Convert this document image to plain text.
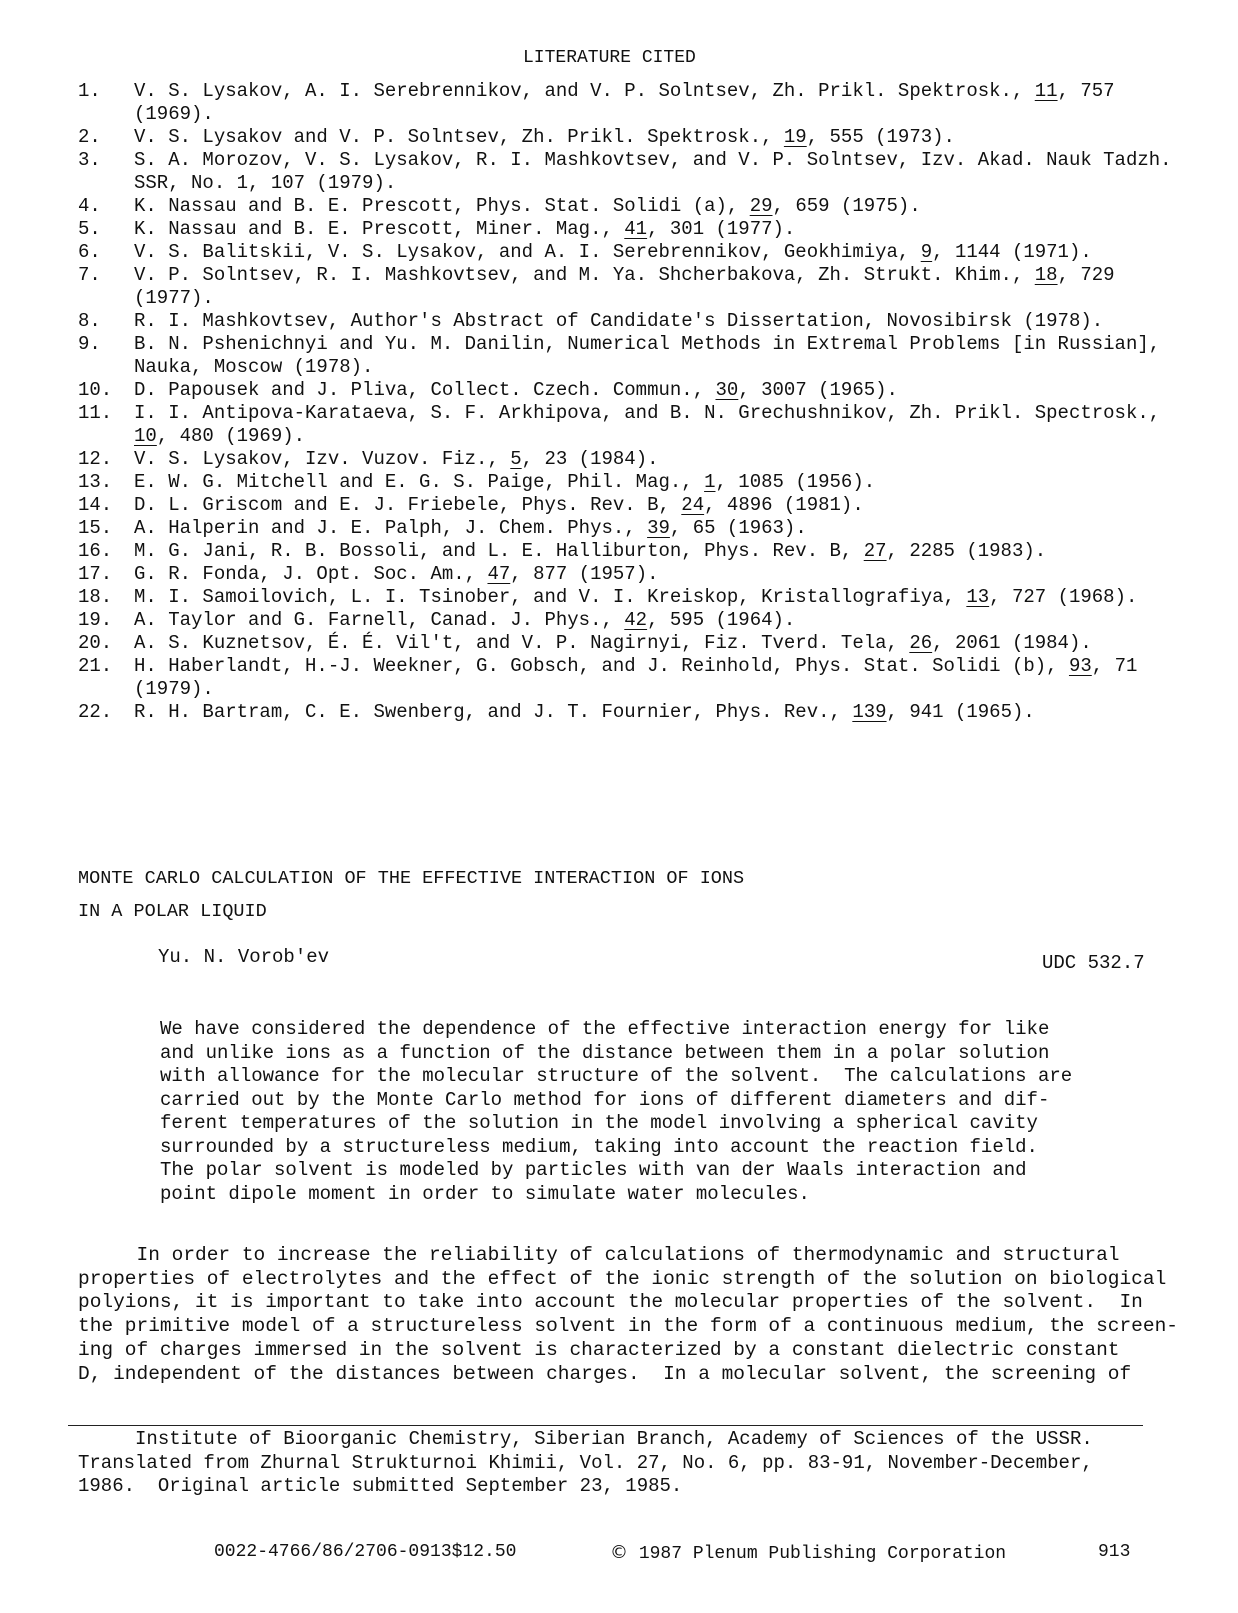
LITERATURE CITED
1.	V. S. Lysakov, A. I. Serebrennikov, and V. P. Solntsev, Zh. Prikl. Spektrosk., 11, 757 (1969).
2.	V. S. Lysakov and V. P. Solntsev, Zh. Prikl. Spektrosk., 19, 555 (1973).
3.	S. A. Morozov, V. S. Lysakov, R. I. Mashkovtsev, and V. P. Solntsev, Izv. Akad. Nauk Tadzh. SSR, No. 1, 107 (1979).
4.	K. Nassau and B. E. Prescott, Phys. Stat. Solidi (a), 29, 659 (1975).
5.	K. Nassau and B. E. Prescott, Miner. Mag., 41, 301 (1977).
6.	V. S. Balitskii, V. S. Lysakov, and A. I. Serebrennikov, Geokhimiya, 9, 1144 (1971).
7.	V. P. Solntsev, R. I. Mashkovtsev, and M. Ya. Shcherbakova, Zh. Strukt. Khim., 18, 729 (1977).
8.	R. I. Mashkovtsev, Author's Abstract of Candidate's Dissertation, Novosibirsk (1978).
9.	B. N. Pshenichnyi and Yu. M. Danilin, Numerical Methods in Extremal Problems [in Russian], Nauka, Moscow (1978).
10.	D. Papousek and J. Pliva, Collect. Czech. Commun., 30, 3007 (1965).
11.	I. I. Antipova-Karataeva, S. F. Arkhipova, and B. N. Grechushnikov, Zh. Prikl. Spectrosk., 10, 480 (1969).
12.	V. S. Lysakov, Izv. Vuzov. Fiz., 5, 23 (1984).
13.	E. W. G. Mitchell and E. G. S. Paige, Phil. Mag., 1, 1085 (1956).
14.	D. L. Griscom and E. J. Friebele, Phys. Rev. B, 24, 4896 (1981).
15.	A. Halperin and J. E. Palph, J. Chem. Phys., 39, 65 (1963).
16.	M. G. Jani, R. B. Bossoli, and L. E. Halliburton, Phys. Rev. B, 27, 2285 (1983).
17.	G. R. Fonda, J. Opt. Soc. Am., 47, 877 (1957).
18.	M. I. Samoilovich, L. I. Tsinober, and V. I. Kreiskop, Kristallografiya, 13, 727 (1968).
19.	A. Taylor and G. Farnell, Canad. J. Phys., 42, 595 (1964).
20.	A. S. Kuznetsov, É. É. Vil't, and V. P. Nagirnyi, Fiz. Tverd. Tela, 26, 2061 (1984).
21.	H. Haberlandt, H.-J. Weekner, G. Gobsch, and J. Reinhold, Phys. Stat. Solidi (b), 93, 71 (1979).
22.	R. H. Bartram, C. E. Swenberg, and J. T. Fournier, Phys. Rev., 139, 941 (1965).
MONTE CARLO CALCULATION OF THE EFFECTIVE INTERACTION OF IONS
IN A POLAR LIQUID
Yu. N. Vorob'ev	UDC 532.7
We have considered the dependence of the effective interaction energy for like
and unlike ions as a function of the distance between them in a polar solution
with allowance for the molecular structure of the solvent.  The calculations are
carried out by the Monte Carlo method for ions of different diameters and dif-
ferent temperatures of the solution in the model involving a spherical cavity
surrounded by a structureless medium, taking into account the reaction field.
The polar solvent is modeled by particles with van der Waals interaction and
point dipole moment in order to simulate water molecules.
In order to increase the reliability of calculations of thermodynamic and structural
properties of electrolytes and the effect of the ionic strength of the solution on biological
polyions, it is important to take into account the molecular properties of the solvent.  In
the primitive model of a structureless solvent in the form of a continuous medium, the screen-
ing of charges immersed in the solvent is characterized by a constant dielectric constant
D, independent of the distances between charges.  In a molecular solvent, the screening of
Institute of Bioorganic Chemistry, Siberian Branch, Academy of Sciences of the USSR.
Translated from Zhurnal Strukturnoi Khimii, Vol. 27, No. 6, pp. 83-91, November-December,
1986.  Original article submitted September 23, 1985.
0022-4766/86/2706-0913$12.50	© 1987 Plenum Publishing Corporation	913
